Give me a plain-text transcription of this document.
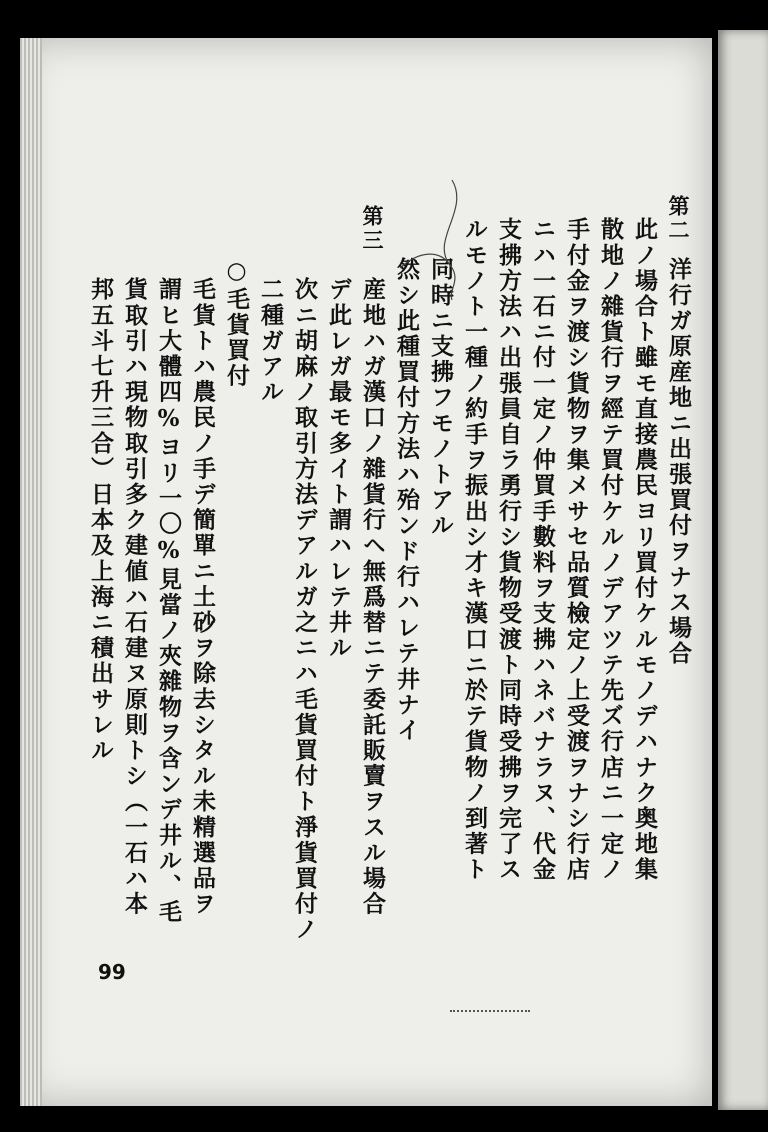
第二
洋行ガ原産地ニ出張買付ヲナス場合
此ノ場合ト雖モ直接農民ヨリ買付ケルモノデハナク奥地集
散地ノ雜貨行ヲ經テ買付ケルノデアツテ先ズ行店ニ一定ノ
手付金ヲ渡シ貨物ヲ集メサセ品質檢定ノ上受渡ヲナシ行店
ニハ一石ニ付一定ノ仲買手數料ヲ支拂ハネバナラヌ、代金
支拂方法ハ出張員自ラ勇行シ貨物受渡ト同時受拂ヲ完了ス
ルモノト一種ノ約手ヲ振出シ才キ漢口ニ於テ貨物ノ到著ト
同時ニ支拂フモノトアル
然シ此種買付方法ハ殆ンド行ハレテ井ナイ
第三
産地ハガ漢口ノ雜貨行ヘ無爲替ニテ委託販賣ヲスル場合
デ此レガ最モ多イト謂ハレテ井ル
次ニ胡麻ノ取引方法デアルガ之ニハ毛貨買付ト淨貨買付ノ
二種ガアル
○毛貨買付
毛貨トハ農民ノ手デ簡單ニ土砂ヲ除去シタル未精選品ヲ
謂ヒ大體四%ヨリ一〇%見當ノ夾雜物ヲ含ンデ井ル、毛
貨取引ハ現物取引多ク建値ハ石建ヌ原則トシ（一石ハ本
邦五斗七升三合）日本及上海ニ積出サレル
99
